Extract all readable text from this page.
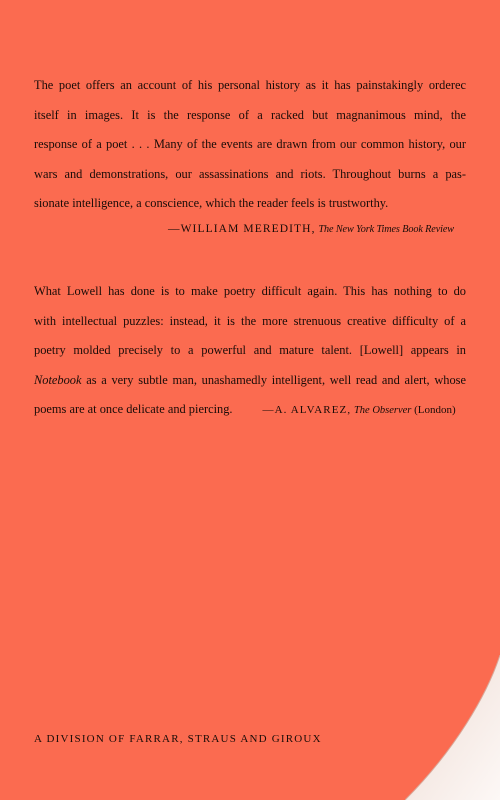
The poet offers an account of his personal history as it has painstakingly orderec
itself in images. It is the response of a racked but magnanimous mind, the
response of a poet . . . Many of the events are drawn from our common history, our
wars and demonstrations, our assassinations and riots. Throughout burns a pas-
sionate intelligence, a conscience, which the reader feels is trustworthy.
—WILLIAM MEREDITH, The New York Times Book Review
What Lowell has done is to make poetry difficult again. This has nothing to do
with intellectual puzzles: instead, it is the more strenuous creative difficulty of a
poetry molded precisely to a powerful and mature talent. [Lowell] appears in
Notebook as a very subtle man, unashamedly intelligent, well read and alert, whose
poems are at once delicate and piercing.	—A. ALVAREZ, The Observer (London)
A DIVISION OF FARRAR, STRAUS AND GIROUX
